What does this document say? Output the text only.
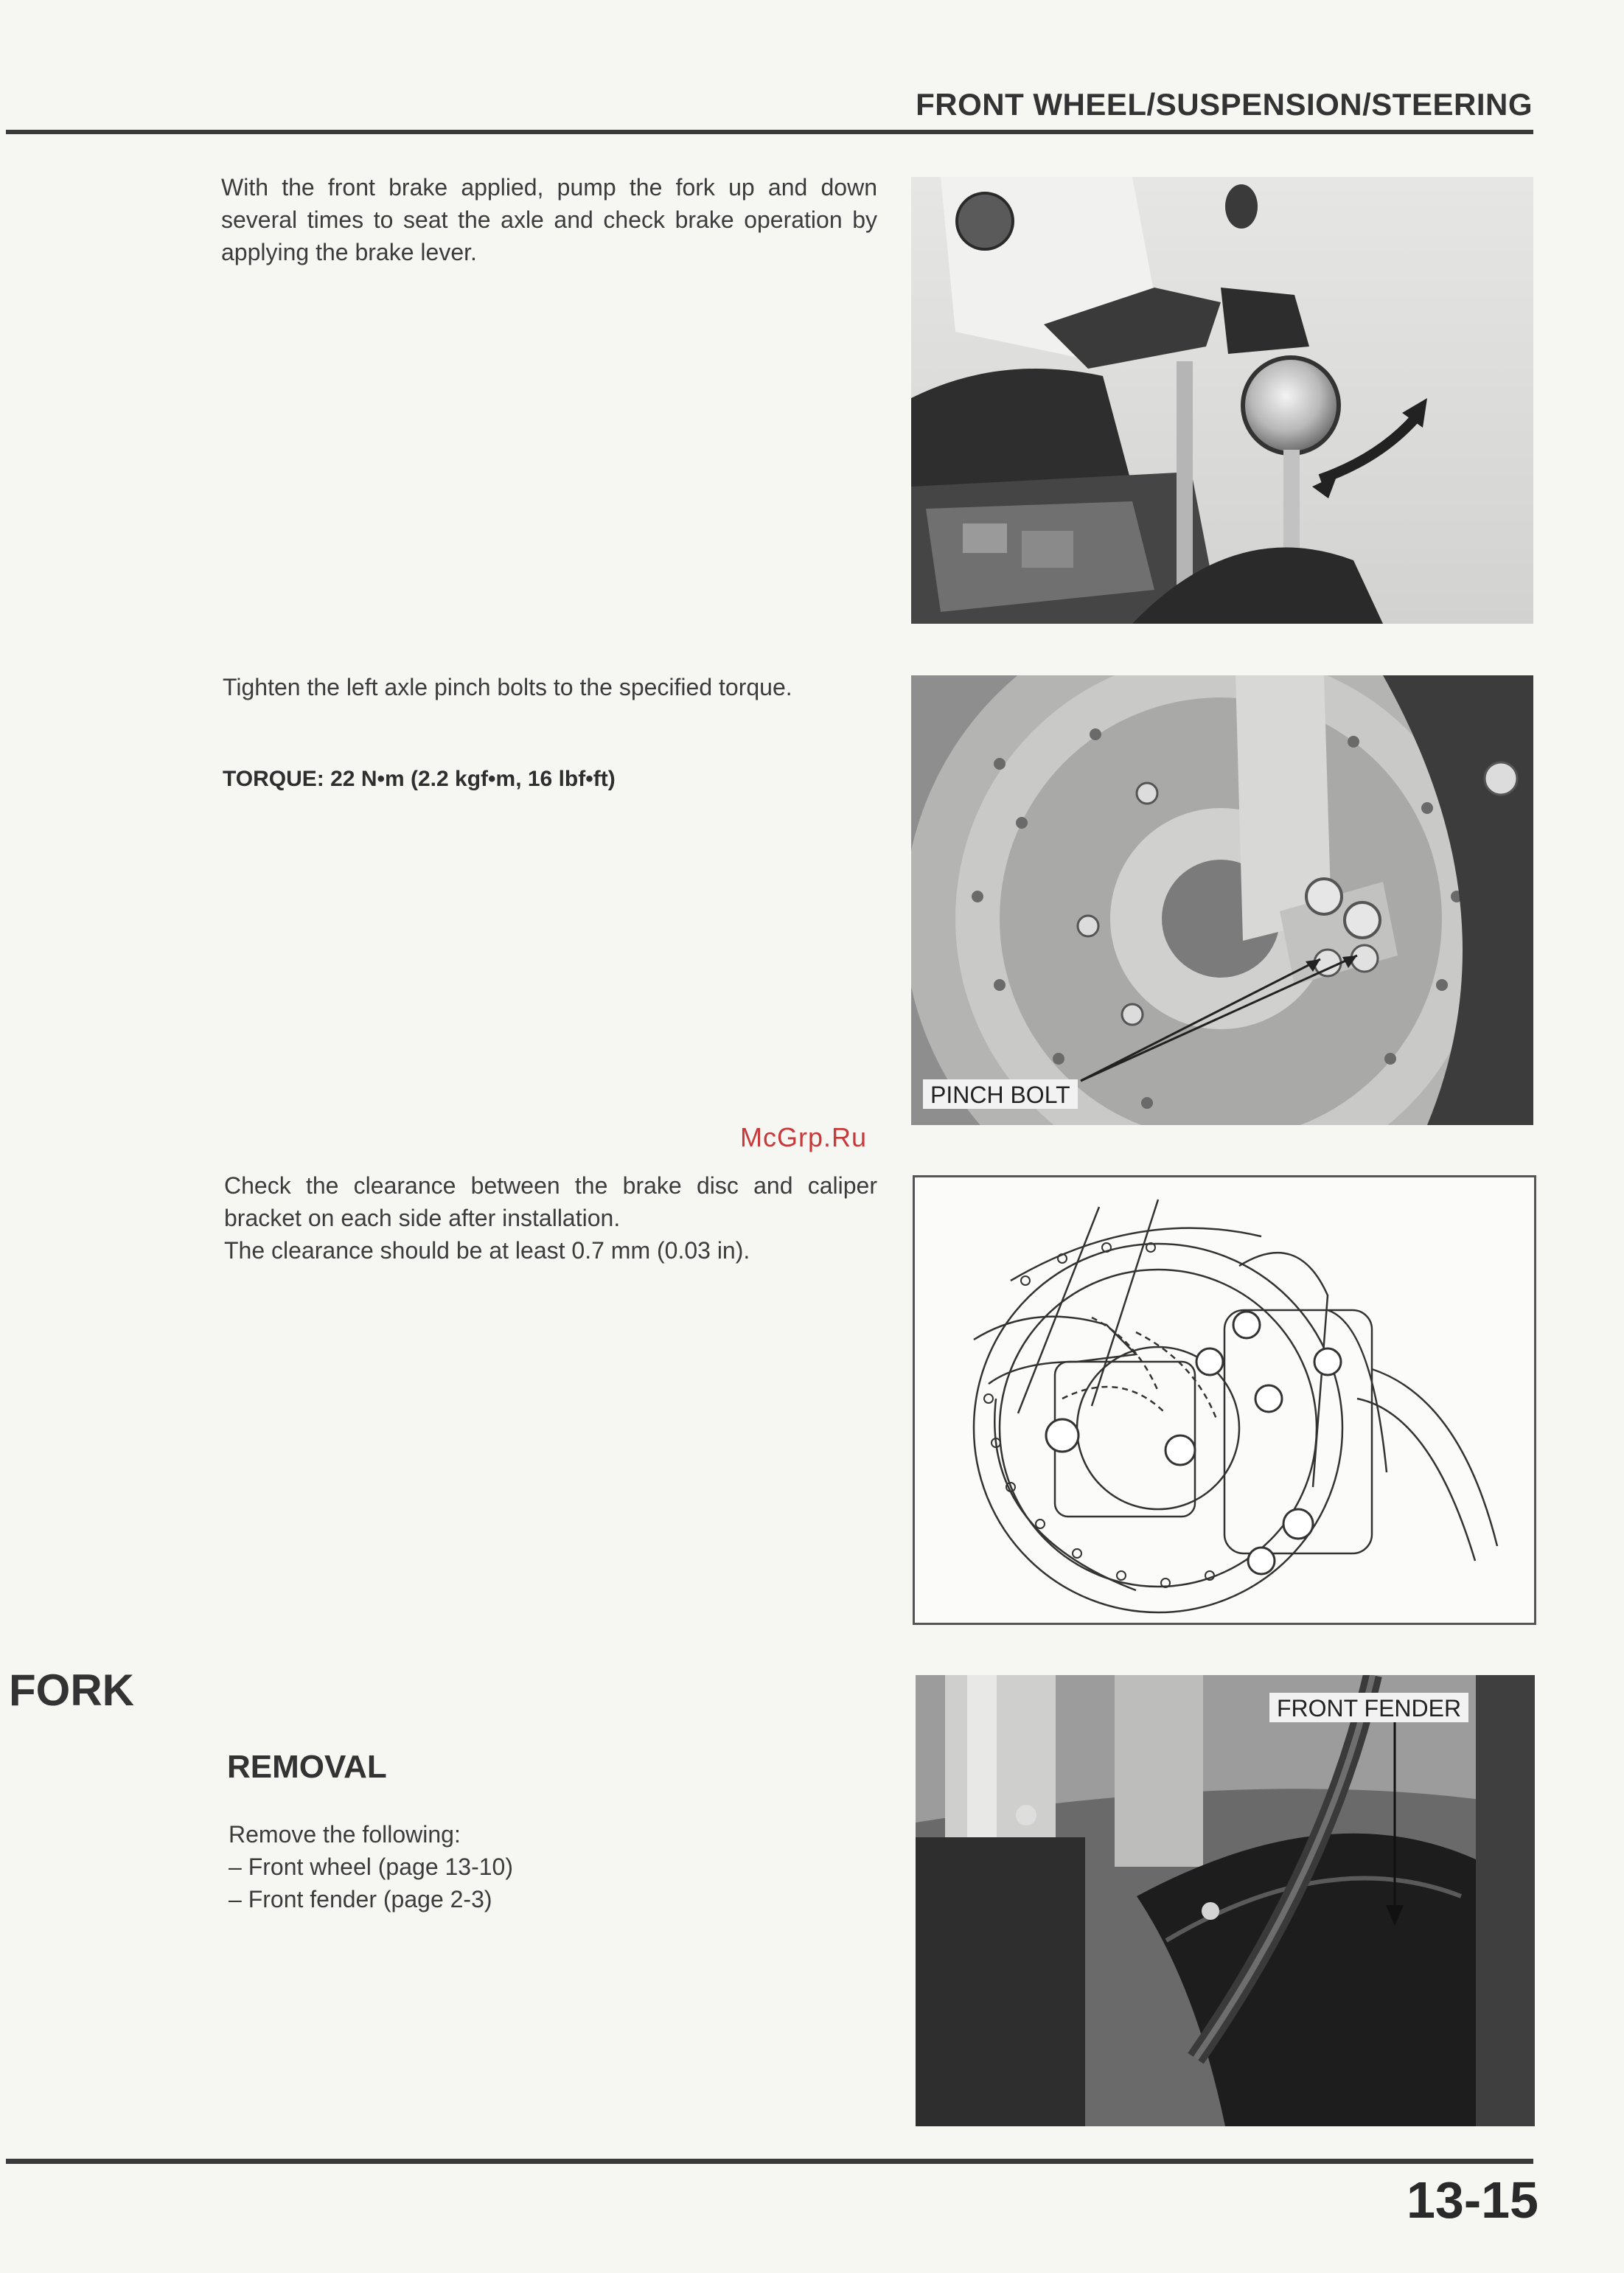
FRONT WHEEL/SUSPENSION/STEERING

With the front brake applied, pump the fork up and down several times to seat the axle and check brake operation by applying the brake lever.

Tighten the left axle pinch bolts to the specified torque.

TORQUE: 22 N•m (2.2 kgf•m, 16 lbf•ft)
PINCH BOLT
McGrp.Ru

Check the clearance between the brake disc and caliper bracket on each side after installation.

The clearance should be at least 0.7 mm (0.03 in).

FORK
REMOVAL
Remove the following:
– Front wheel (page 13-10)
– Front fender (page 2-3)
FRONT FENDER
13-15
